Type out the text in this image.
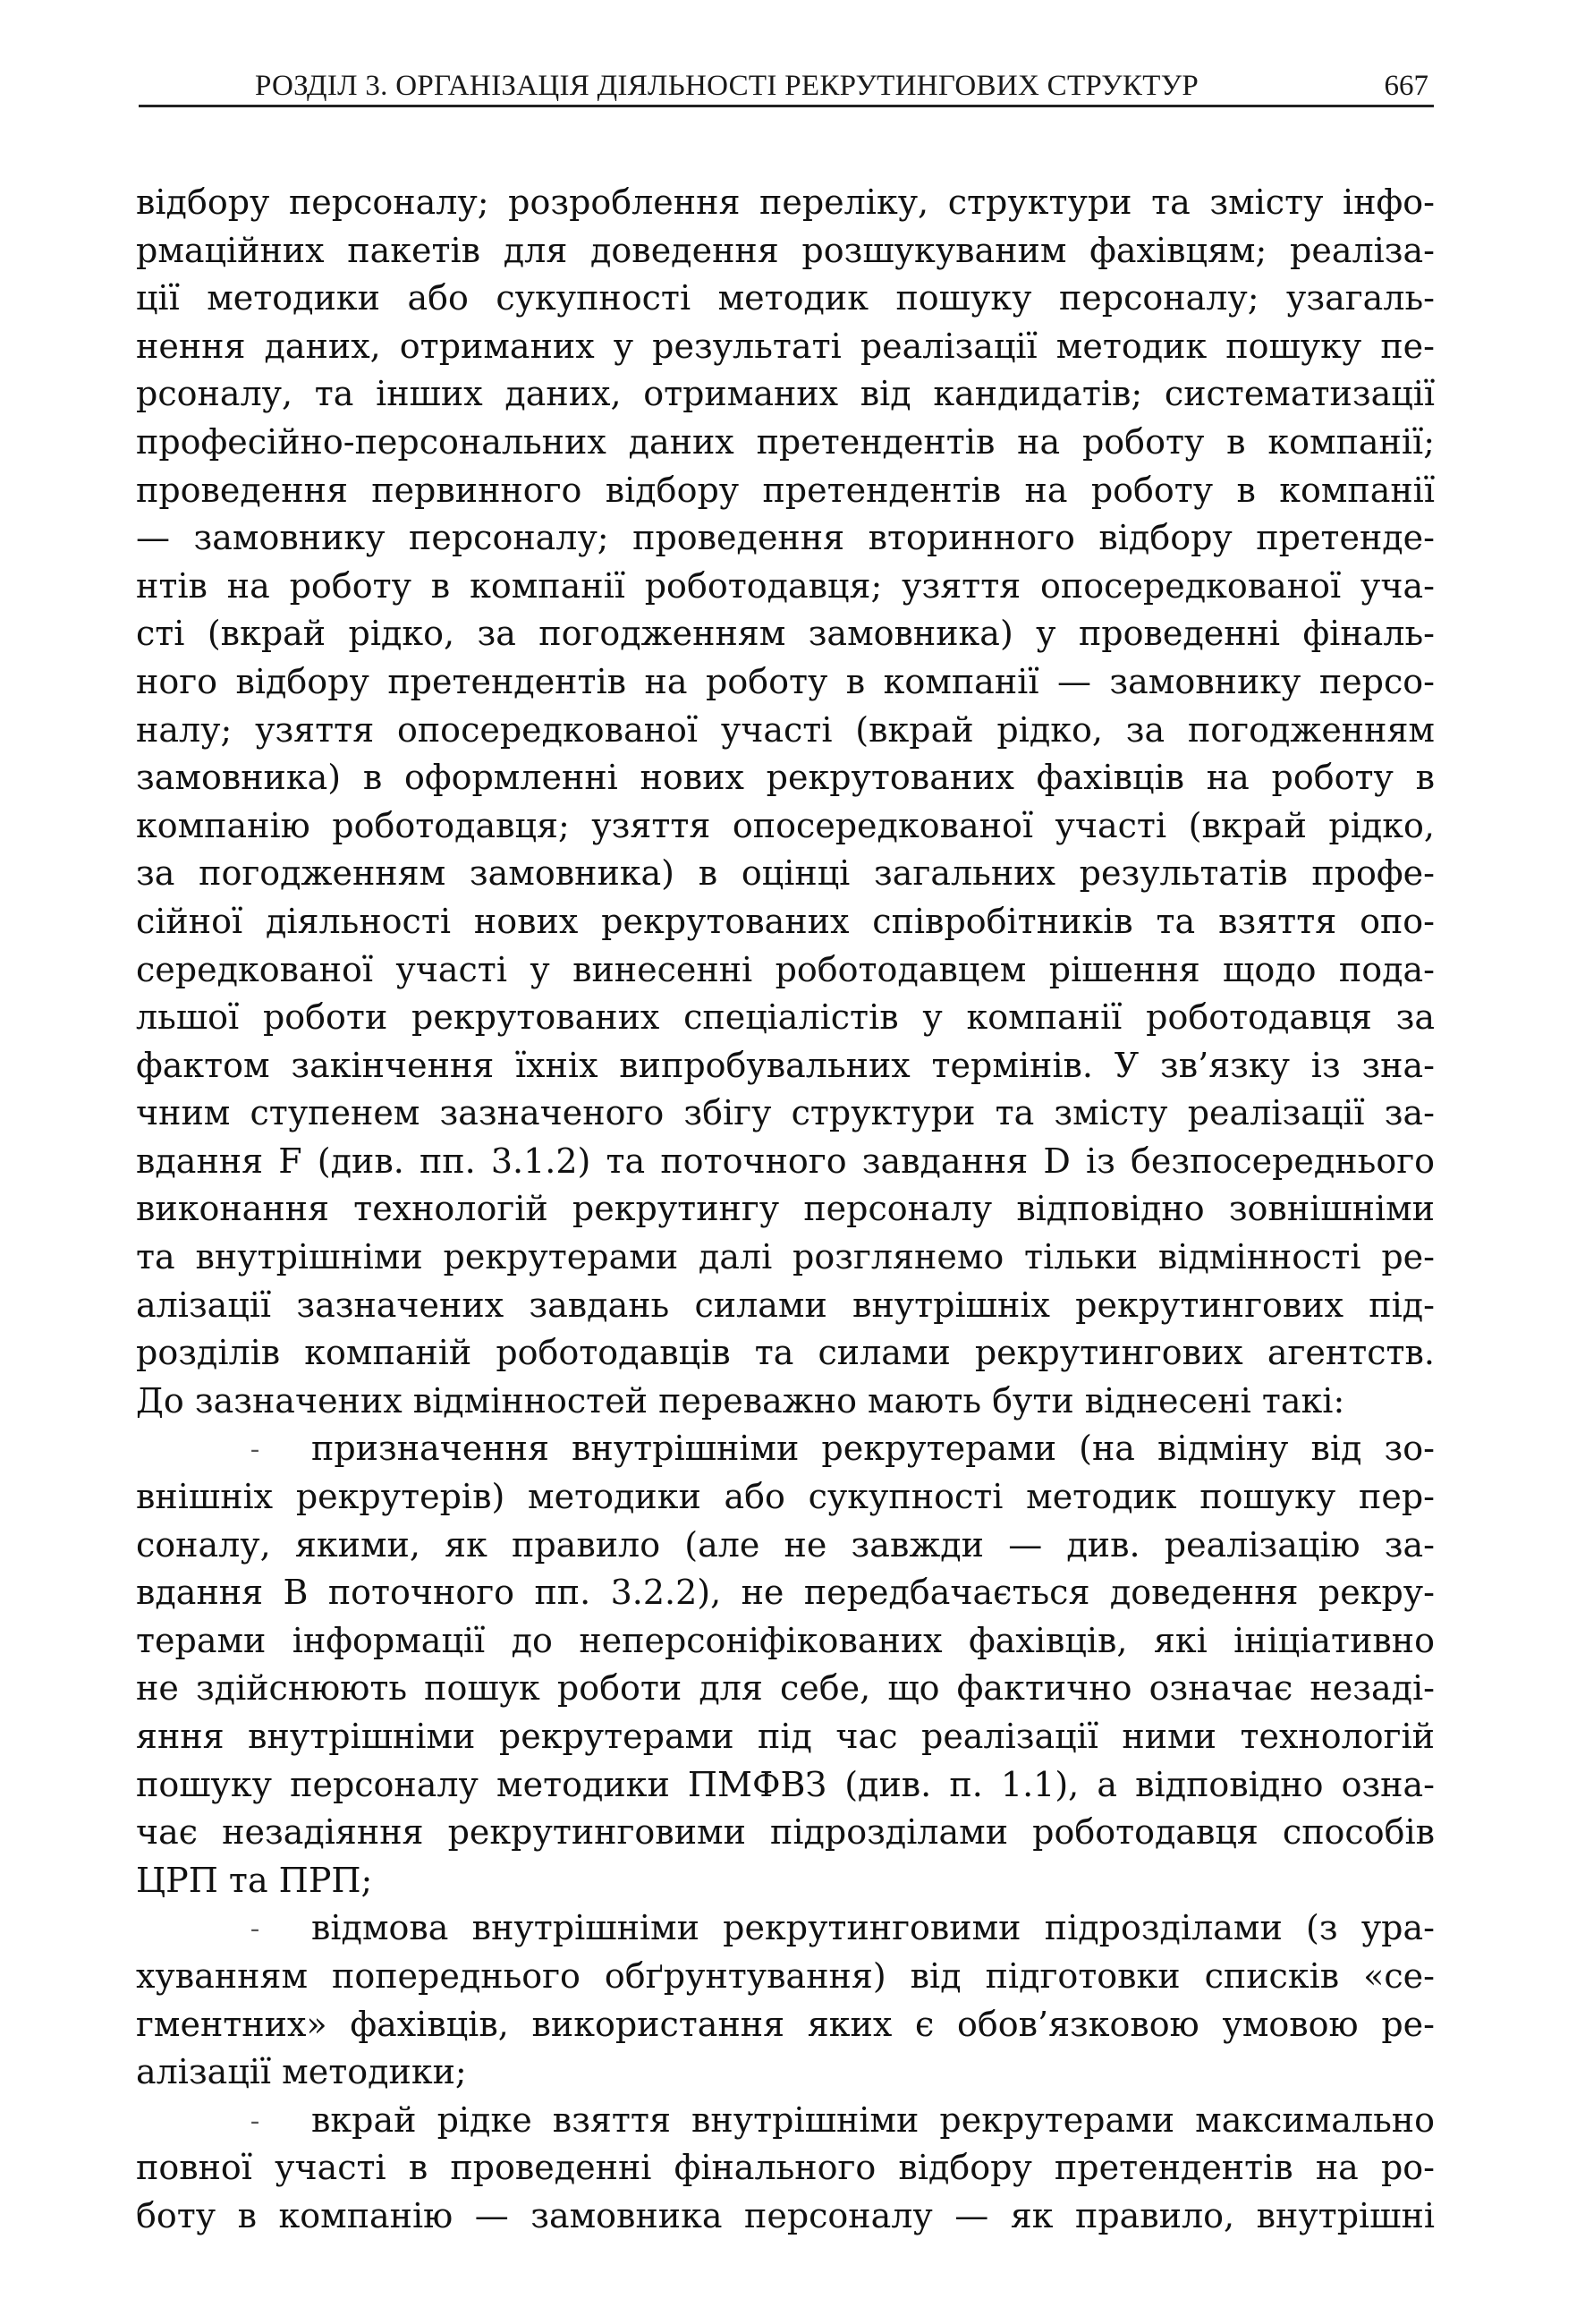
РОЗДІЛ 3. ОРГАНІЗАЦІЯ ДІЯЛЬНОСТІ РЕКРУТИНГОВИХ СТРУКТУР	667
відбору персоналу; розроблення переліку, структури та змісту інфо-
рмаційних пакетів для доведення розшукуваним фахівцям; реаліза-
ції методики або сукупності методик пошуку персоналу; узагаль-
нення даних, отриманих у результаті реалізації методик пошуку пе-
рсоналу, та інших даних, отриманих від кандидатів; систематизації
професійно-персональних даних претендентів на роботу в компанії;
проведення первинного відбору претендентів на роботу в компанії
— замовнику персоналу; проведення вторинного відбору претенде-
нтів на роботу в компанії роботодавця; узяття опосередкованої уча-
сті (вкрай рідко, за погодженням замовника) у проведенні фіналь-
ного відбору претендентів на роботу в компанії — замовнику персо-
налу; узяття опосередкованої участі (вкрай рідко, за погодженням
замовника) в оформленні нових рекрутованих фахівців на роботу в
компанію роботодавця; узяття опосередкованої участі (вкрай рідко,
за погодженням замовника) в оцінці загальних результатів профе-
сійної діяльності нових рекрутованих співробітників та взяття опо-
середкованої участі у винесенні роботодавцем рішення щодо пода-
льшої роботи рекрутованих спеціалістів у компанії роботодавця за
фактом закінчення їхніх випробувальних термінів. У зв’язку із зна-
чним ступенем зазначеного збігу структури та змісту реалізації за-
вдання F (див. пп. 3.1.2) та поточного завдання D із безпосереднього
виконання технологій рекрутингу персоналу відповідно зовнішніми
та внутрішніми рекрутерами далі розглянемо тільки відмінності ре-
алізації зазначених завдань силами внутрішніх рекрутингових під-
розділів компаній роботодавців та силами рекрутингових агентств.
До зазначених відмінностей переважно мають бути віднесені такі:
- призначення внутрішніми рекрутерами (на відміну від зо-
внішніх рекрутерів) методики або сукупності методик пошуку пер-
соналу, якими, як правило (але не завжди — див. реалізацію за-
вдання В поточного пп. 3.2.2), не передбачається доведення рекру-
терами інформації до неперсоніфікованих фахівців, які ініціативно
не здійснюють пошук роботи для себе, що фактично означає незаді-
яння внутрішніми рекрутерами під час реалізації ними технологій
пошуку персоналу методики ПМФВЗ (див. п. 1.1), а відповідно озна-
чає незадіяння рекрутинговими підрозділами роботодавця способів
ЦРП та ПРП;
- відмова внутрішніми рекрутинговими підрозділами (з ура-
хуванням попереднього обґрунтування) від підготовки списків «се-
гментних» фахівців, використання яких є обов’язковою умовою ре-
алізації методики;
- вкрай рідке взяття внутрішніми рекрутерами максимально
повної участі в проведенні фінального відбору претендентів на ро-
боту в компанію — замовника персоналу — як правило, внутрішні
